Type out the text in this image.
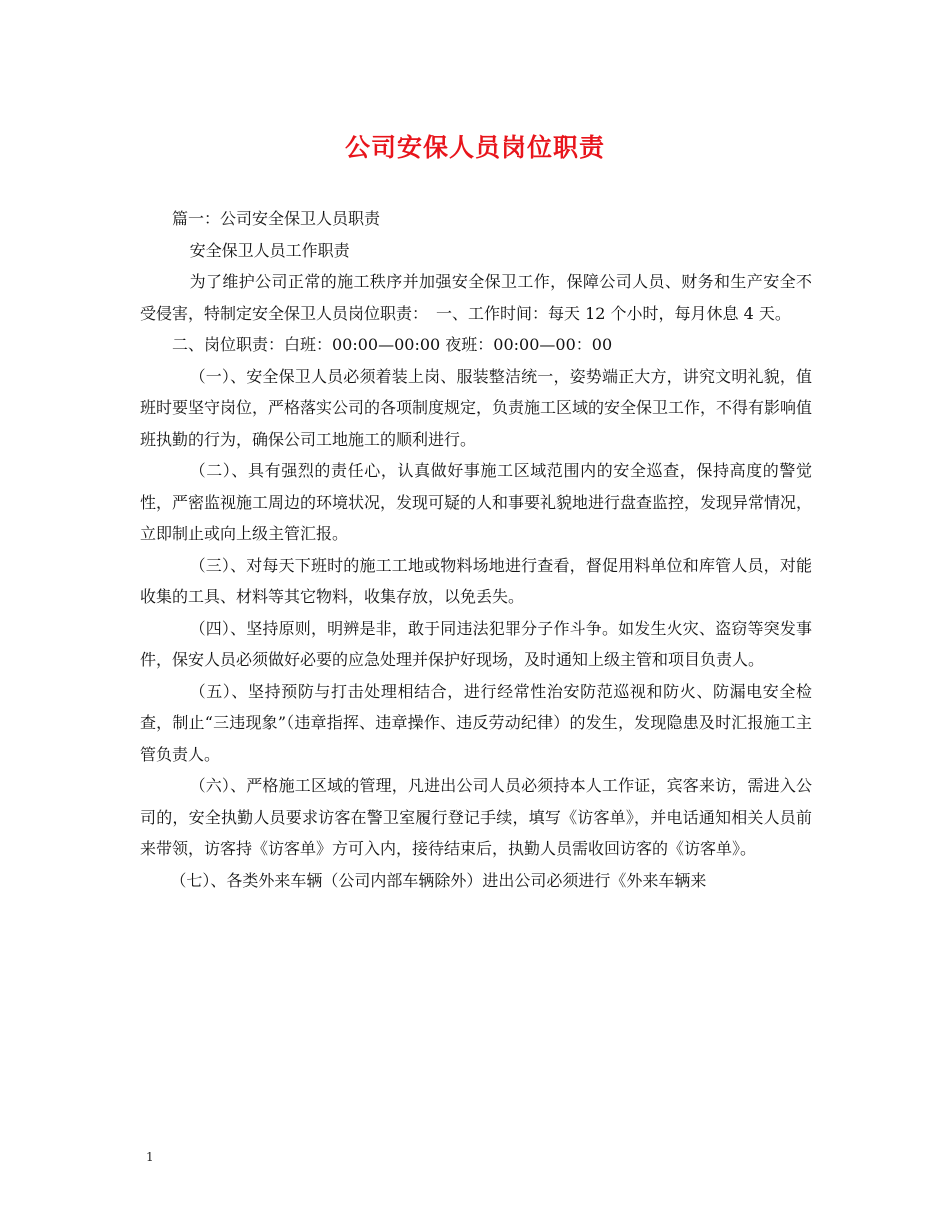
公司安保人员岗位职责

篇一：公司安全保卫人员职责

安全保卫人员工作职责

为了维护公司正常的施工秩序并加强安全保卫工作，保障公司人员、财务和生产安全不受侵害，特制定安全保卫人员岗位职责：　一、工作时间：每天 12 个小时，每月休息 4 天。

二、岗位职责：白班：00:00—00:00 夜班：00:00—00：00

（一）、安全保卫人员必须着装上岗、服装整洁统一，姿势端正大方，讲究文明礼貌，值班时要坚守岗位，严格落实公司的各项制度规定，负责施工区域的安全保卫工作，不得有影响值班执勤的行为，确保公司工地施工的顺利进行。

（二）、具有强烈的责任心，认真做好事施工区域范围内的安全巡查，保持高度的警觉性，严密监视施工周边的环境状况，发现可疑的人和事要礼貌地进行盘查监控，发现异常情况，立即制止或向上级主管汇报。

（三）、对每天下班时的施工工地或物料场地进行查看，督促用料单位和库管人员，对能收集的工具、材料等其它物料，收集存放，以免丢失。

（四）、坚持原则，明辨是非，敢于同违法犯罪分子作斗争。如发生火灾、盗窃等突发事件，保安人员必须做好必要的应急处理并保护好现场，及时通知上级主管和项目负责人。

（五）、坚持预防与打击处理相结合，进行经常性治安防范巡视和防火、防漏电安全检查，制止“三违现象”（违章指挥、违章操作、违反劳动纪律）的发生，发现隐患及时汇报施工主管负责人。

（六）、严格施工区域的管理，凡进出公司人员必须持本人工作证，宾客来访，需进入公司的，安全执勤人员要求访客在警卫室履行登记手续，填写《访客单》，并电话通知相关人员前来带领，访客持《访客单》方可入内，接待结束后，执勤人员需收回访客的《访客单》。

（七）、各类外来车辆（公司内部车辆除外）进出公司必须进行《外来车辆来

1
